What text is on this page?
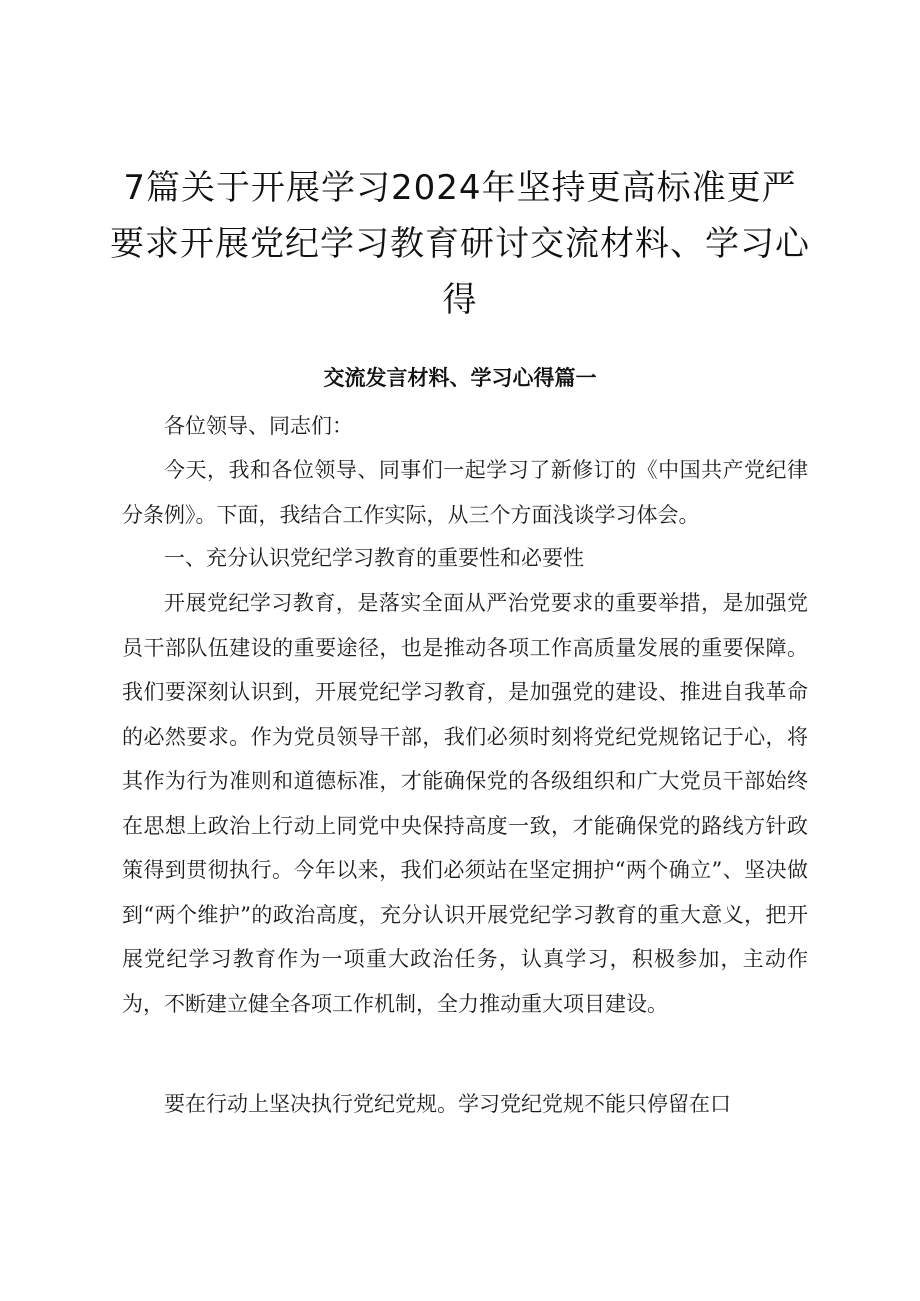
7篇关于开展学习2024年坚持更高标准更严
要求开展党纪学习教育研讨交流材料、学习心
得
交流发言材料、学习心得篇一

各位领导、同志们：

今天，我和各位领导、同事们一起学习了新修订的《中国共产党纪律分条例》。下面，我结合工作实际，从三个方面浅谈学习体会。

一、充分认识党纪学习教育的重要性和必要性

开展党纪学习教育，是落实全面从严治党要求的重要举措，是加强党员干部队伍建设的重要途径，也是推动各项工作高质量发展的重要保障。我们要深刻认识到，开展党纪学习教育，是加强党的建设、推进自我革命的必然要求。作为党员领导干部，我们必须时刻将党纪党规铭记于心，将其作为行为准则和道德标准，才能确保党的各级组织和广大党员干部始终在思想上政治上行动上同党中央保持高度一致，才能确保党的路线方针政策得到贯彻执行。今年以来，我们必须站在坚定拥护“两个确立”、坚决做到“两个维护”的政治高度，充分认识开展党纪学习教育的重大意义，把开展党纪学习教育作为一项重大政治任务，认真学习，积极参加，主动作为，不断建立健全各项工作机制，全力推动重大项目建设。

要在行动上坚决执行党纪党规。学习党纪党规不能只停留在口
